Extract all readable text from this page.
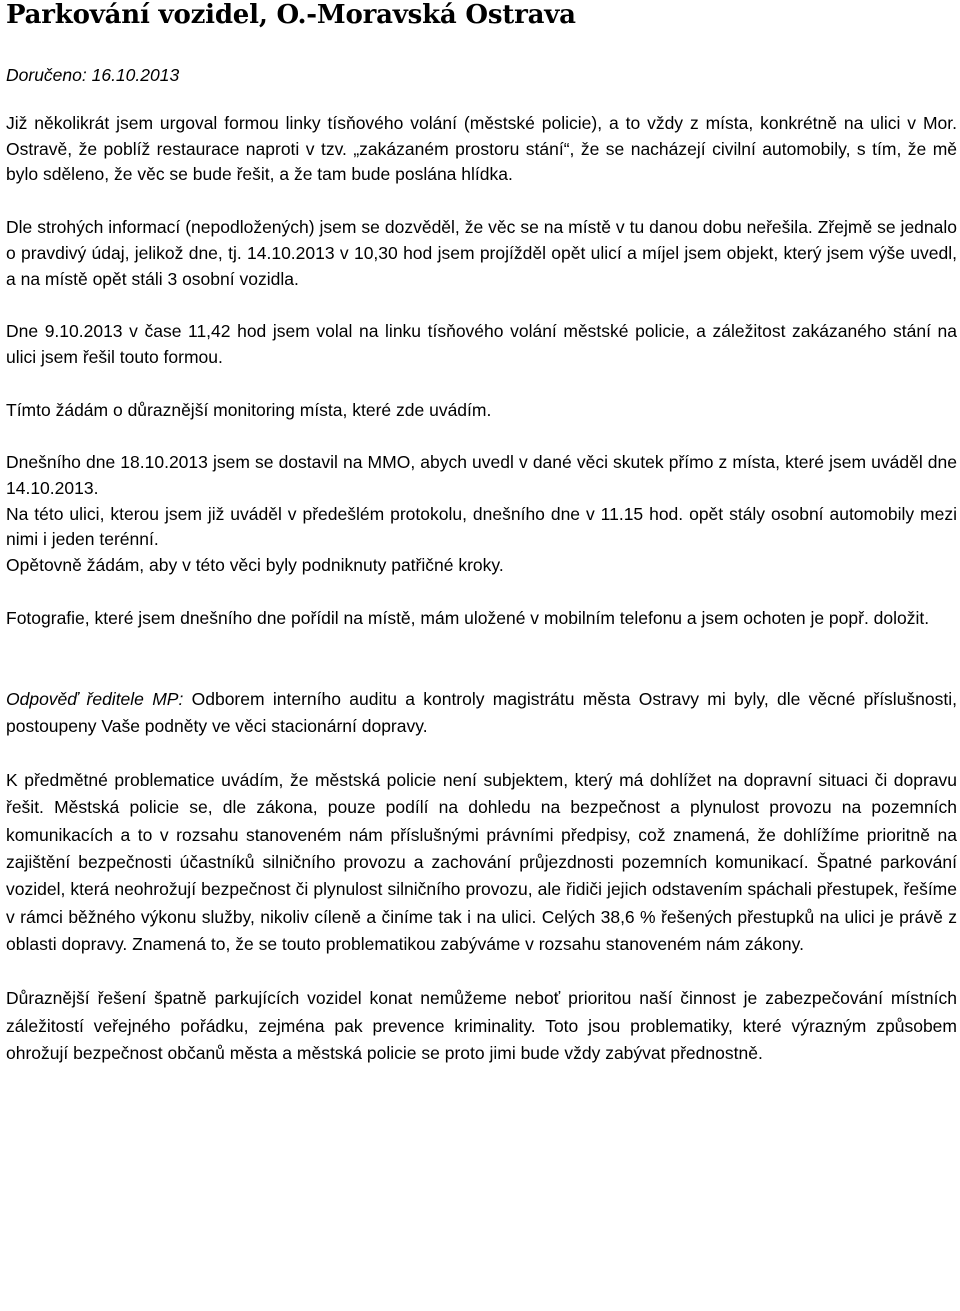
Parkování vozidel, O.-Moravská Ostrava
Doručeno: 16.10.2013

Již několikrát jsem urgoval formou linky tísňového volání (městské policie), a to vždy z místa, konkrétně na ulici v Mor. Ostravě, že poblíž restaurace naproti v tzv. „zakázaném prostoru stání“, že se nacházejí civilní automobily, s tím, že mě bylo sděleno, že věc se bude řešit, a že tam bude poslána hlídka.

Dle strohých informací (nepodložených) jsem se dozvěděl, že věc se na místě v tu danou dobu neřešila. Zřejmě se jednalo o pravdivý údaj, jelikož dne, tj. 14.10.2013 v 10,30 hod jsem projížděl opět ulicí a míjel jsem objekt, který jsem výše uvedl, a na místě opět stáli 3 osobní vozidla.

Dne 9.10.2013 v čase 11,42 hod jsem volal na linku tísňového volání městské policie, a záležitost zakázaného stání na ulici jsem řešil touto formou.

Tímto žádám o důraznější monitoring místa, které zde uvádím.

Dnešního dne 18.10.2013 jsem se dostavil na MMO, abych uvedl v dané věci skutek přímo z místa, které jsem uváděl dne 14.10.2013.

Na této ulici, kterou jsem již uváděl v předešlém protokolu, dnešního dne v 11.15 hod. opět stály osobní automobily mezi nimi i jeden terénní.

Opětovně žádám, aby v této věci byly podniknuty patřičné kroky.

Fotografie, které jsem dnešního dne pořídil na místě, mám uložené v mobilním telefonu a jsem ochoten je popř. doložit.

Odpověď ředitele MP: Odborem interního auditu a kontroly magistrátu města Ostravy mi byly, dle věcné příslušnosti, postoupeny Vaše podněty ve věci stacionární dopravy.

K předmětné problematice uvádím, že městská policie není subjektem, který má dohlížet na dopravní situaci či dopravu řešit. Městská policie se, dle zákona, pouze podílí na dohledu na bezpečnost a plynulost provozu na pozemních komunikacích a to v rozsahu stanoveném nám příslušnými právními předpisy, což znamená, že dohlížíme prioritně na zajištění bezpečnosti účastníků silničního provozu a zachování průjezdnosti pozemních komunikací. Špatné parkování vozidel, která neohrožují bezpečnost či plynulost silničního provozu, ale řidiči jejich odstavením spáchali přestupek, řešíme v rámci běžného výkonu služby, nikoliv cíleně a činíme tak i na ulici. Celých 38,6 % řešených přestupků na ulici je právě z oblasti dopravy. Znamená to, že se touto problematikou zabýváme v rozsahu stanoveném nám zákony.

Důraznější řešení špatně parkujících vozidel konat nemůžeme neboť prioritou naší činnost je zabezpečování místních záležitostí veřejného pořádku, zejména pak prevence kriminality. Toto jsou problematiky, které výrazným způsobem ohrožují bezpečnost občanů města a městská policie se proto jimi bude vždy zabývat přednostně.
